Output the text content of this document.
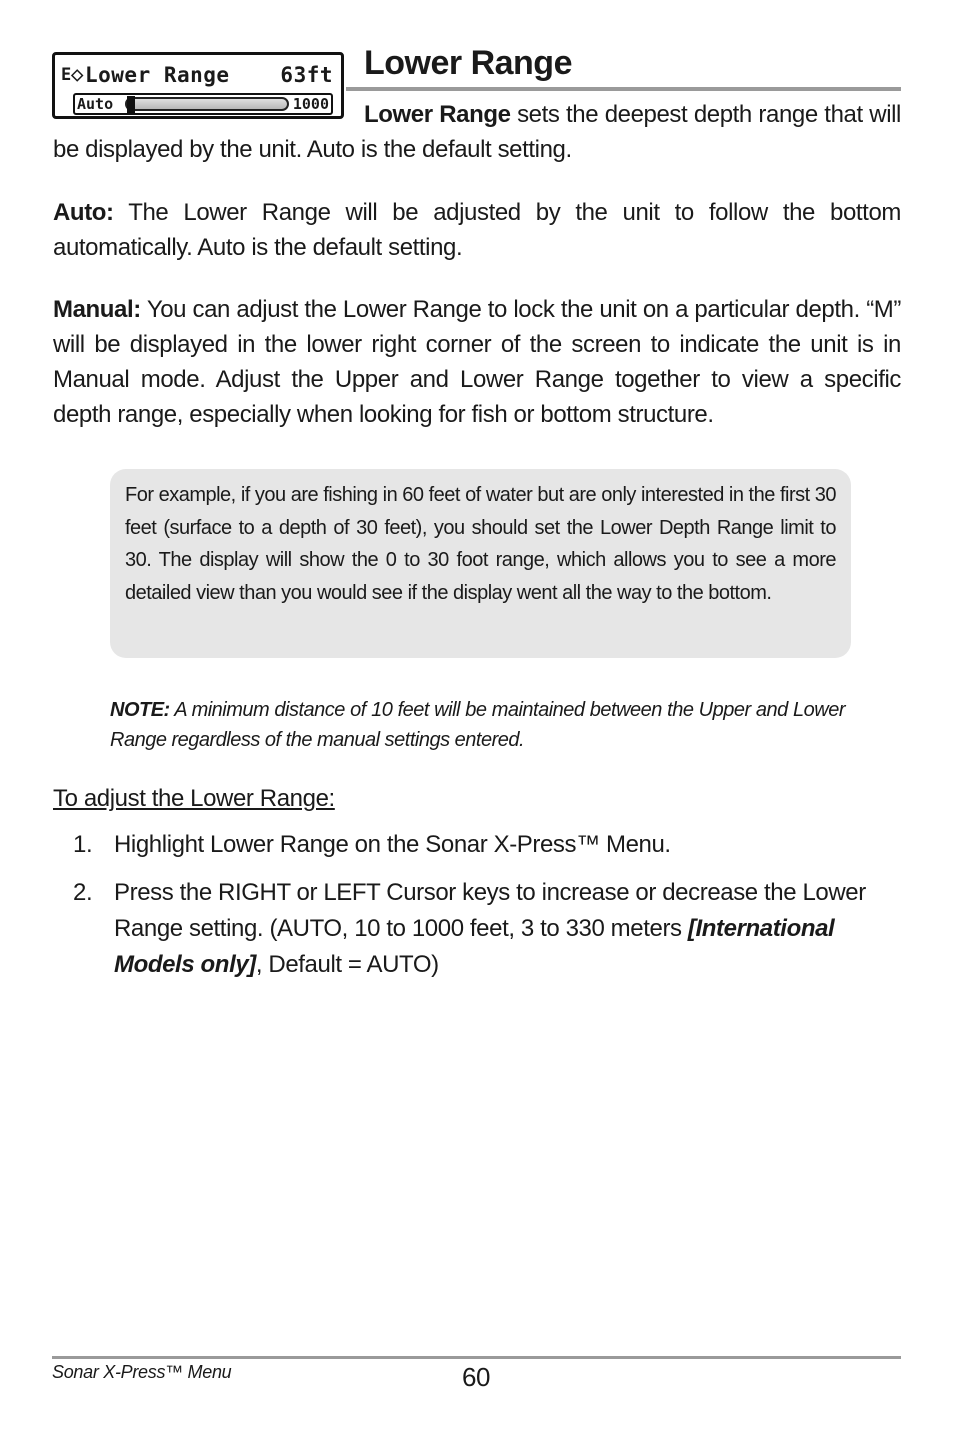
E⬦ Lower Range	63ft
Auto	1000
Lower Range

Lower Range sets the deepest depth range that will be displayed by the unit. Auto is the default setting.

Auto: The Lower Range will be adjusted by the unit to follow the bottom automatically. Auto is the default setting.

Manual: You can adjust the Lower Range to lock the unit on a particular depth. “M” will be displayed in the lower right corner of the screen to indicate the unit is in Manual mode. Adjust the Upper and Lower Range together to view a specific depth range, especially when looking for fish or bottom structure.

For example, if you are fishing in 60 feet of water but are only interested in the first 30 feet (surface to a depth of 30 feet), you should set the Lower Depth Range limit to 30. The display will show the 0 to 30 foot range, which allows you to see a more detailed view than you would see if the display went all the way to the bottom.

NOTE: A minimum distance of 10 feet will be maintained between the Upper and Lower Range regardless of the manual settings entered.

To adjust the Lower Range:

1. Highlight Lower Range on the Sonar X-Press™ Menu.

2. Press the RIGHT or LEFT Cursor keys to increase or decrease the Lower Range setting. (AUTO, 10 to 1000 feet, 3 to 330 meters [International Models only], Default = AUTO)

Sonar X-Press™ Menu	60
